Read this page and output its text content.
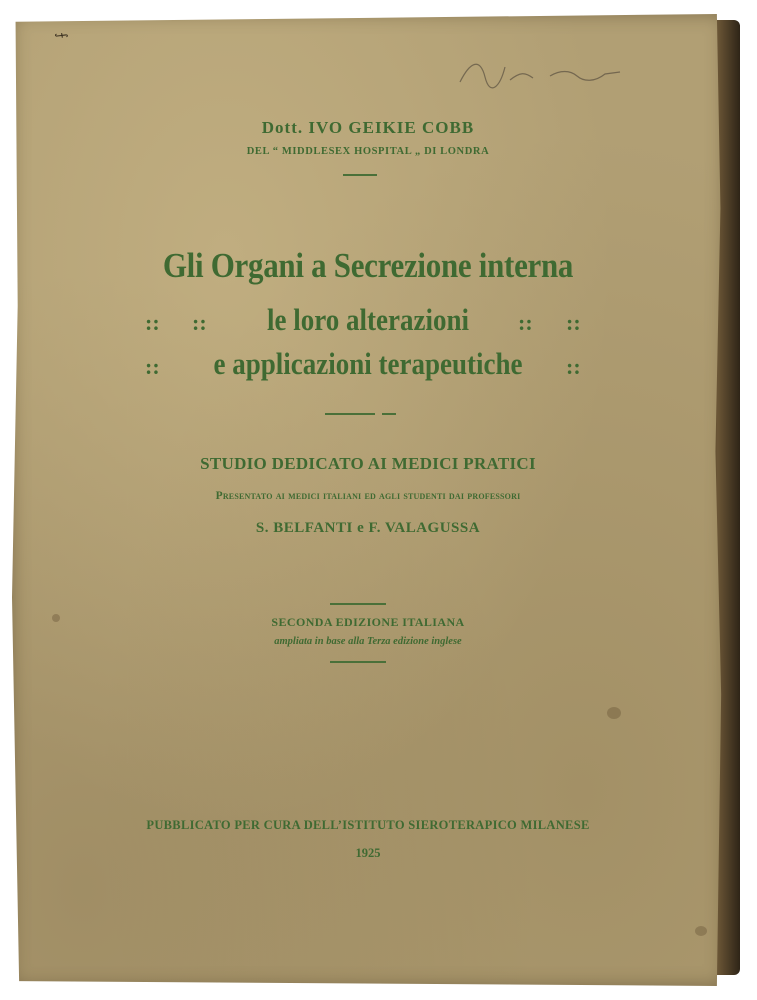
⨍
Dott. IVO GEIKIE COBB
DEL “ MIDDLESEX HOSPITAL „ DI LONDRA
Gli Organi a Secrezione interna
:: ::	le loro alterazioni	:: ::
::	e applicazioni terapeutiche	::
STUDIO DEDICATO AI MEDICI PRATICI
Presentato ai medici italiani ed agli studenti dai professori
S. BELFANTI e F. VALAGUSSA
SECONDA EDIZIONE ITALIANA
ampliata in base alla Terza edizione inglese
PUBBLICATO PER CURA DELL’ISTITUTO SIEROTERAPICO MILANESE
1925
